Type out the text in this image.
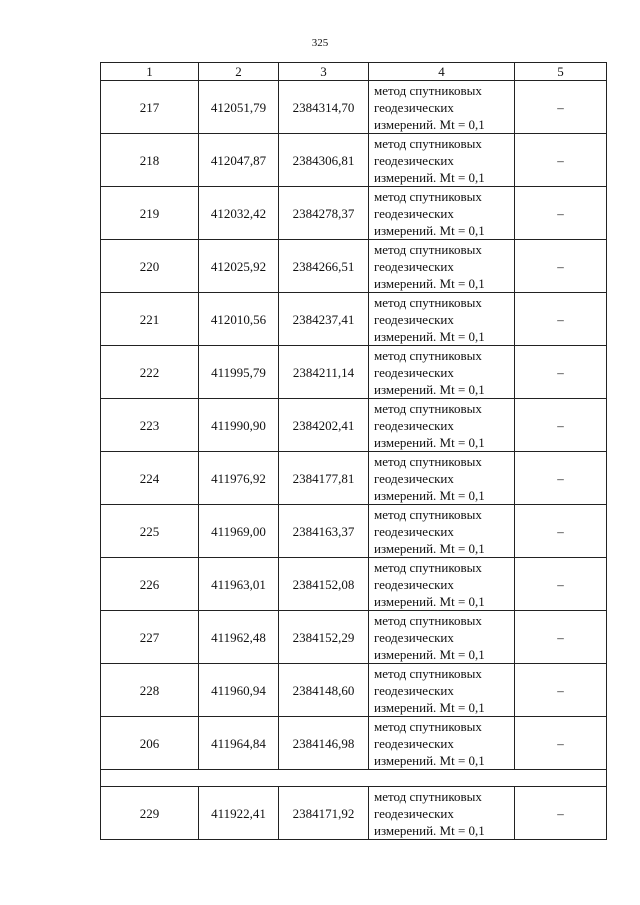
325
1	2	3	4	5
217	412051,79	2384314,70	метод спутниковых
геодезических
измерений. Mt = 0,1	–
218	412047,87	2384306,81	метод спутниковых
геодезических
измерений. Mt = 0,1	–
219	412032,42	2384278,37	метод спутниковых
геодезических
измерений. Mt = 0,1	–
220	412025,92	2384266,51	метод спутниковых
геодезических
измерений. Mt = 0,1	–
221	412010,56	2384237,41	метод спутниковых
геодезических
измерений. Mt = 0,1	–
222	411995,79	2384211,14	метод спутниковых
геодезических
измерений. Mt = 0,1	–
223	411990,90	2384202,41	метод спутниковых
геодезических
измерений. Mt = 0,1	–
224	411976,92	2384177,81	метод спутниковых
геодезических
измерений. Mt = 0,1	–
225	411969,00	2384163,37	метод спутниковых
геодезических
измерений. Mt = 0,1	–
226	411963,01	2384152,08	метод спутниковых
геодезических
измерений. Mt = 0,1	–
227	411962,48	2384152,29	метод спутниковых
геодезических
измерений. Mt = 0,1	–
228	411960,94	2384148,60	метод спутниковых
геодезических
измерений. Mt = 0,1	–
206	411964,84	2384146,98	метод спутниковых
геодезических
измерений. Mt = 0,1	–

229	411922,41	2384171,92	метод спутниковых
геодезических
измерений. Mt = 0,1	–
